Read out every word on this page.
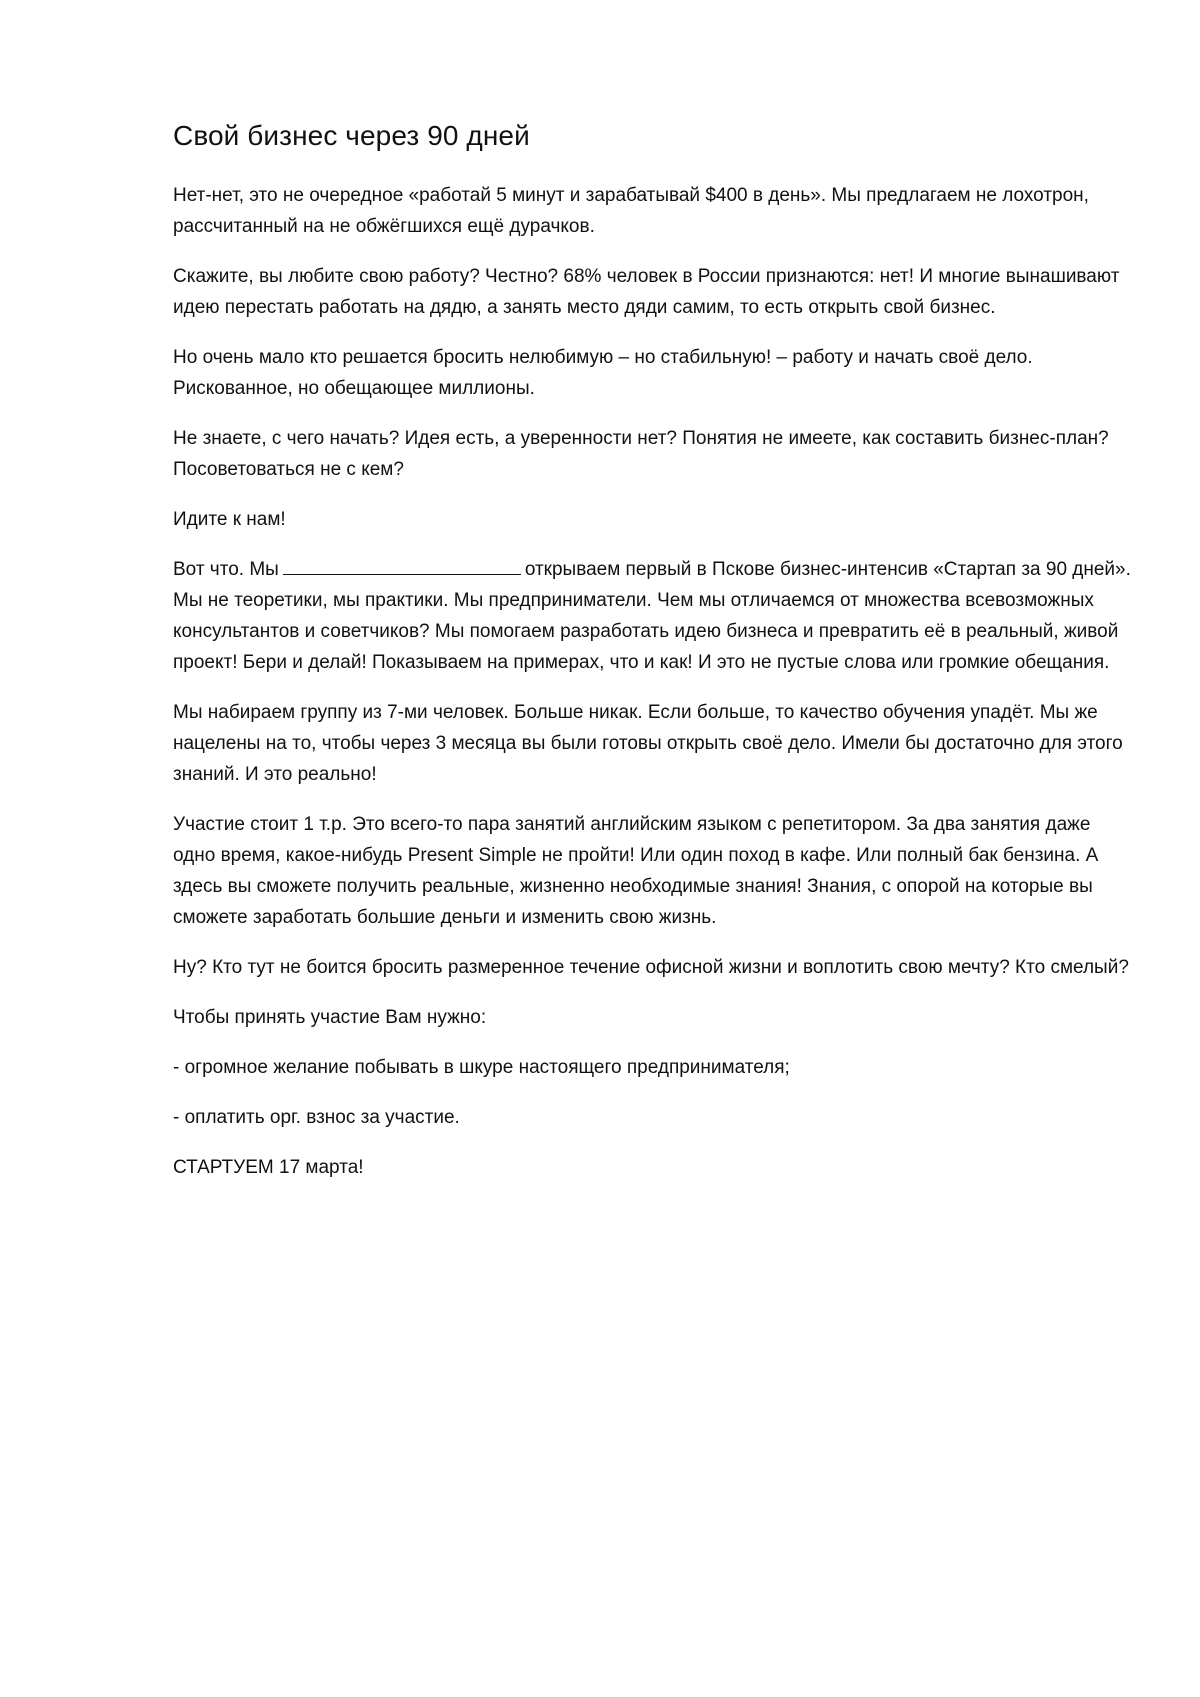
Свой бизнес через 90 дней

Нет-нет, это не очередное «работай 5 минут и зарабатывай $400 в день». Мы предлагаем не лохотрон, рассчитанный на не обжёгшихся ещё дурачков.

Скажите, вы любите свою работу? Честно? 68% человек в России признаются: нет! И многие вынашивают идею перестать работать на дядю, а занять место дяди самим, то есть открыть свой бизнес.

Но очень мало кто решается бросить нелюбимую – но стабильную! – работу и начать своё дело. Рискованное, но обещающее миллионы.

Не знаете, с чего начать? Идея есть, а уверенности нет? Понятия не имеете, как составить бизнес-план? Посоветоваться не с кем?

Идите к нам!

Вот что. Мы	открываем первый в Пскове бизнес-интенсив «Стартап за 90 дней». Мы не теоретики, мы практики. Мы предприниматели. Чем мы отличаемся от множества всевозможных консультантов и советчиков? Мы помогаем разработать идею бизнеса и превратить её в реальный, живой проект! Бери и делай! Показываем на примерах, что и как! И это не пустые слова или громкие обещания.

Мы набираем группу из 7-ми человек. Больше никак. Если больше, то качество обучения упадёт. Мы же нацелены на то, чтобы через 3 месяца вы были готовы открыть своё дело. Имели бы достаточно для этого знаний. И это реально!

Участие стоит 1 т.р. Это всего-то пара занятий английским языком с репетитором. За два занятия даже одно время, какое-нибудь Present Simple не пройти! Или один поход в кафе. Или полный бак бензина. А здесь вы сможете получить реальные, жизненно необходимые знания! Знания, с опорой на которые вы сможете заработать большие деньги и изменить свою жизнь.

Ну? Кто тут не боится бросить размеренное течение офисной жизни и воплотить свою мечту? Кто смелый?

Чтобы принять участие Вам нужно:

- огромное желание побывать в шкуре настоящего предпринимателя;

- оплатить орг. взнос за участие.

СТАРТУЕМ 17 марта!
